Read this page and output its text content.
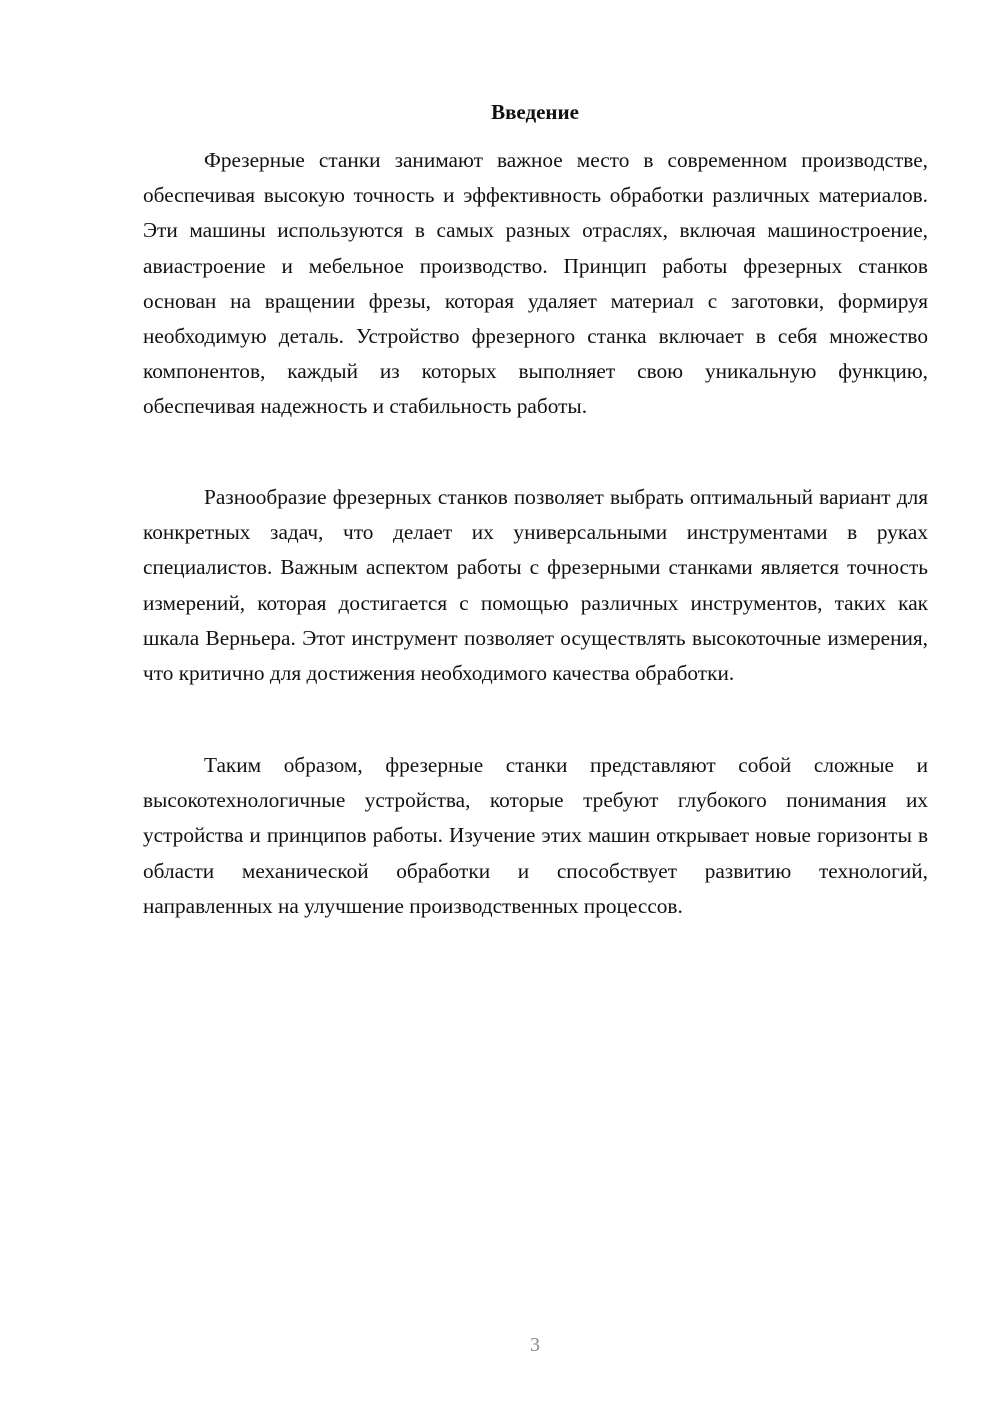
Введение

Фрезерные станки занимают важное место в современном производстве, обеспечивая высокую точность и эффективность обработки различных материалов. Эти машины используются в самых разных отраслях, включая машиностроение, авиастроение и мебельное производство. Принцип работы фрезерных станков основан на вращении фрезы, которая удаляет материал с заготовки, формируя необходимую деталь. Устройство фрезерного станка включает в себя множество компонентов, каждый из которых выполняет свою уникальную функцию, обеспечивая надежность и стабильность работы.

Разнообразие фрезерных станков позволяет выбрать оптимальный вариант для конкретных задач, что делает их универсальными инструментами в руках специалистов. Важным аспектом работы с фрезерными станками является точность измерений, которая достигается с помощью различных инструментов, таких как шкала Верньера. Этот инструмент позволяет осуществлять высокоточные измерения, что критично для достижения необходимого качества обработки.

Таким образом, фрезерные станки представляют собой сложные и высокотехнологичные устройства, которые требуют глубокого понимания их устройства и принципов работы. Изучение этих машин открывает новые горизонты в области механической обработки и способствует развитию технологий, направленных на улучшение производственных процессов.

3
